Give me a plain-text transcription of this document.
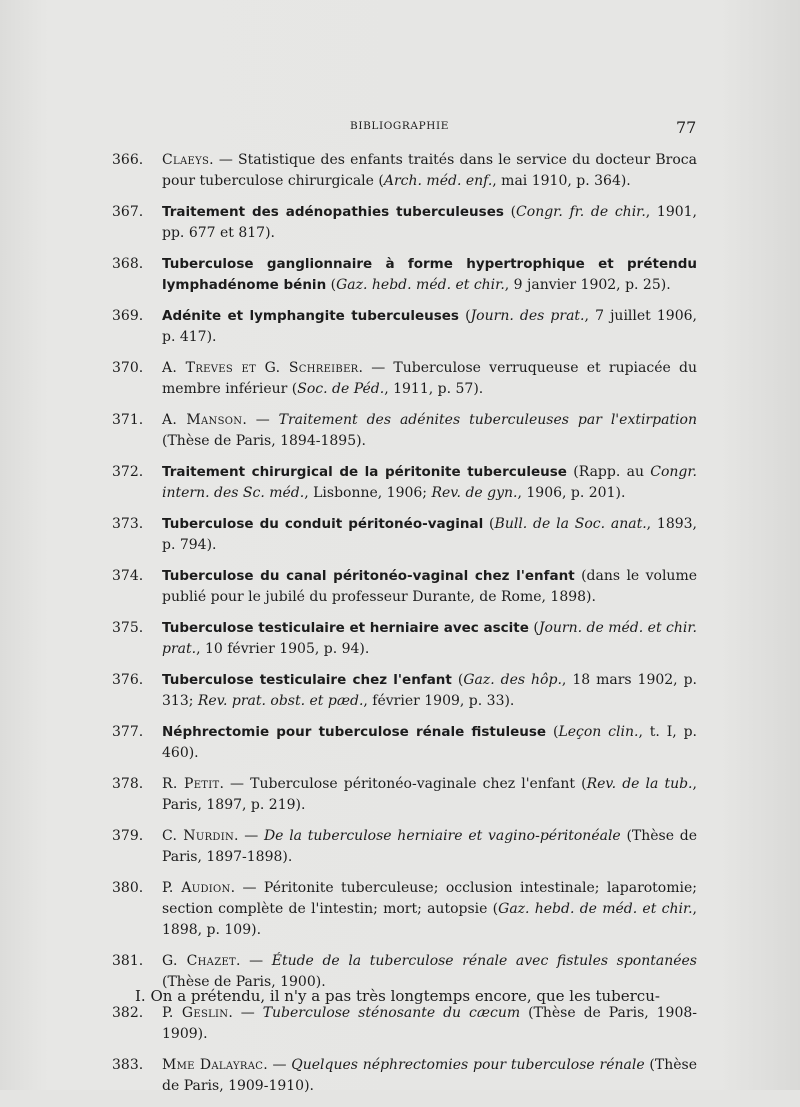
BIBLIOGRAPHIE	77
366. Claeys. — Statistique des enfants traités dans le service du docteur Broca pour tuberculose chirurgicale (Arch. méd. enf., mai 1910, p. 364).
367. Traitement des adénopathies tuberculeuses (Congr. fr. de chir., 1901, pp. 677 et 817).
368. Tuberculose ganglionnaire à forme hypertrophique et prétendu lymphadénome bénin (Gaz. hebd. méd. et chir., 9 janvier 1902, p. 25).
369. Adénite et lymphangite tuberculeuses (Journ. des prat., 7 juillet 1906, p. 417).
370. A. Treves et G. Schreiber. — Tuberculose verruqueuse et rupiacée du membre inférieur (Soc. de Péd., 1911, p. 57).
371. A. Manson. — Traitement des adénites tuberculeuses par l'extirpation (Thèse de Paris, 1894-1895).
372. Traitement chirurgical de la péritonite tuberculeuse (Rapp. au Congr. intern. des Sc. méd., Lisbonne, 1906; Rev. de gyn., 1906, p. 201).
373. Tuberculose du conduit péritonéo-vaginal (Bull. de la Soc. anat., 1893, p. 794).
374. Tuberculose du canal péritonéo-vaginal chez l'enfant (dans le volume publié pour le jubilé du professeur Durante, de Rome, 1898).
375. Tuberculose testiculaire et herniaire avec ascite (Journ. de méd. et chir. prat., 10 février 1905, p. 94).
376. Tuberculose testiculaire chez l'enfant (Gaz. des hôp., 18 mars 1902, p. 313; Rev. prat. obst. et pæd., février 1909, p. 33).
377. Néphrectomie pour tuberculose rénale fistuleuse (Leçon clin., t. I, p. 460).
378. R. Petit. — Tuberculose péritonéo-vaginale chez l'enfant (Rev. de la tub., Paris, 1897, p. 219).
379. C. Nurdin. — De la tuberculose herniaire et vagino-péritonéale (Thèse de Paris, 1897-1898).
380. P. Audion. — Péritonite tuberculeuse; occlusion intestinale; laparotomie; section complète de l'intestin; mort; autopsie (Gaz. hebd. de méd. et chir., 1898, p. 109).
381. G. Chazet. — Étude de la tuberculose rénale avec fistules spontanées (Thèse de Paris, 1900).
382. P. Geslin. — Tuberculose sténosante du cæcum (Thèse de Paris, 1908-1909).
383. Mme Dalayrac. — Quelques néphrectomies pour tuberculose rénale (Thèse de Paris, 1909-1910).
I. On a prétendu, il n'y a pas très longtemps encore, que les tubercu-
